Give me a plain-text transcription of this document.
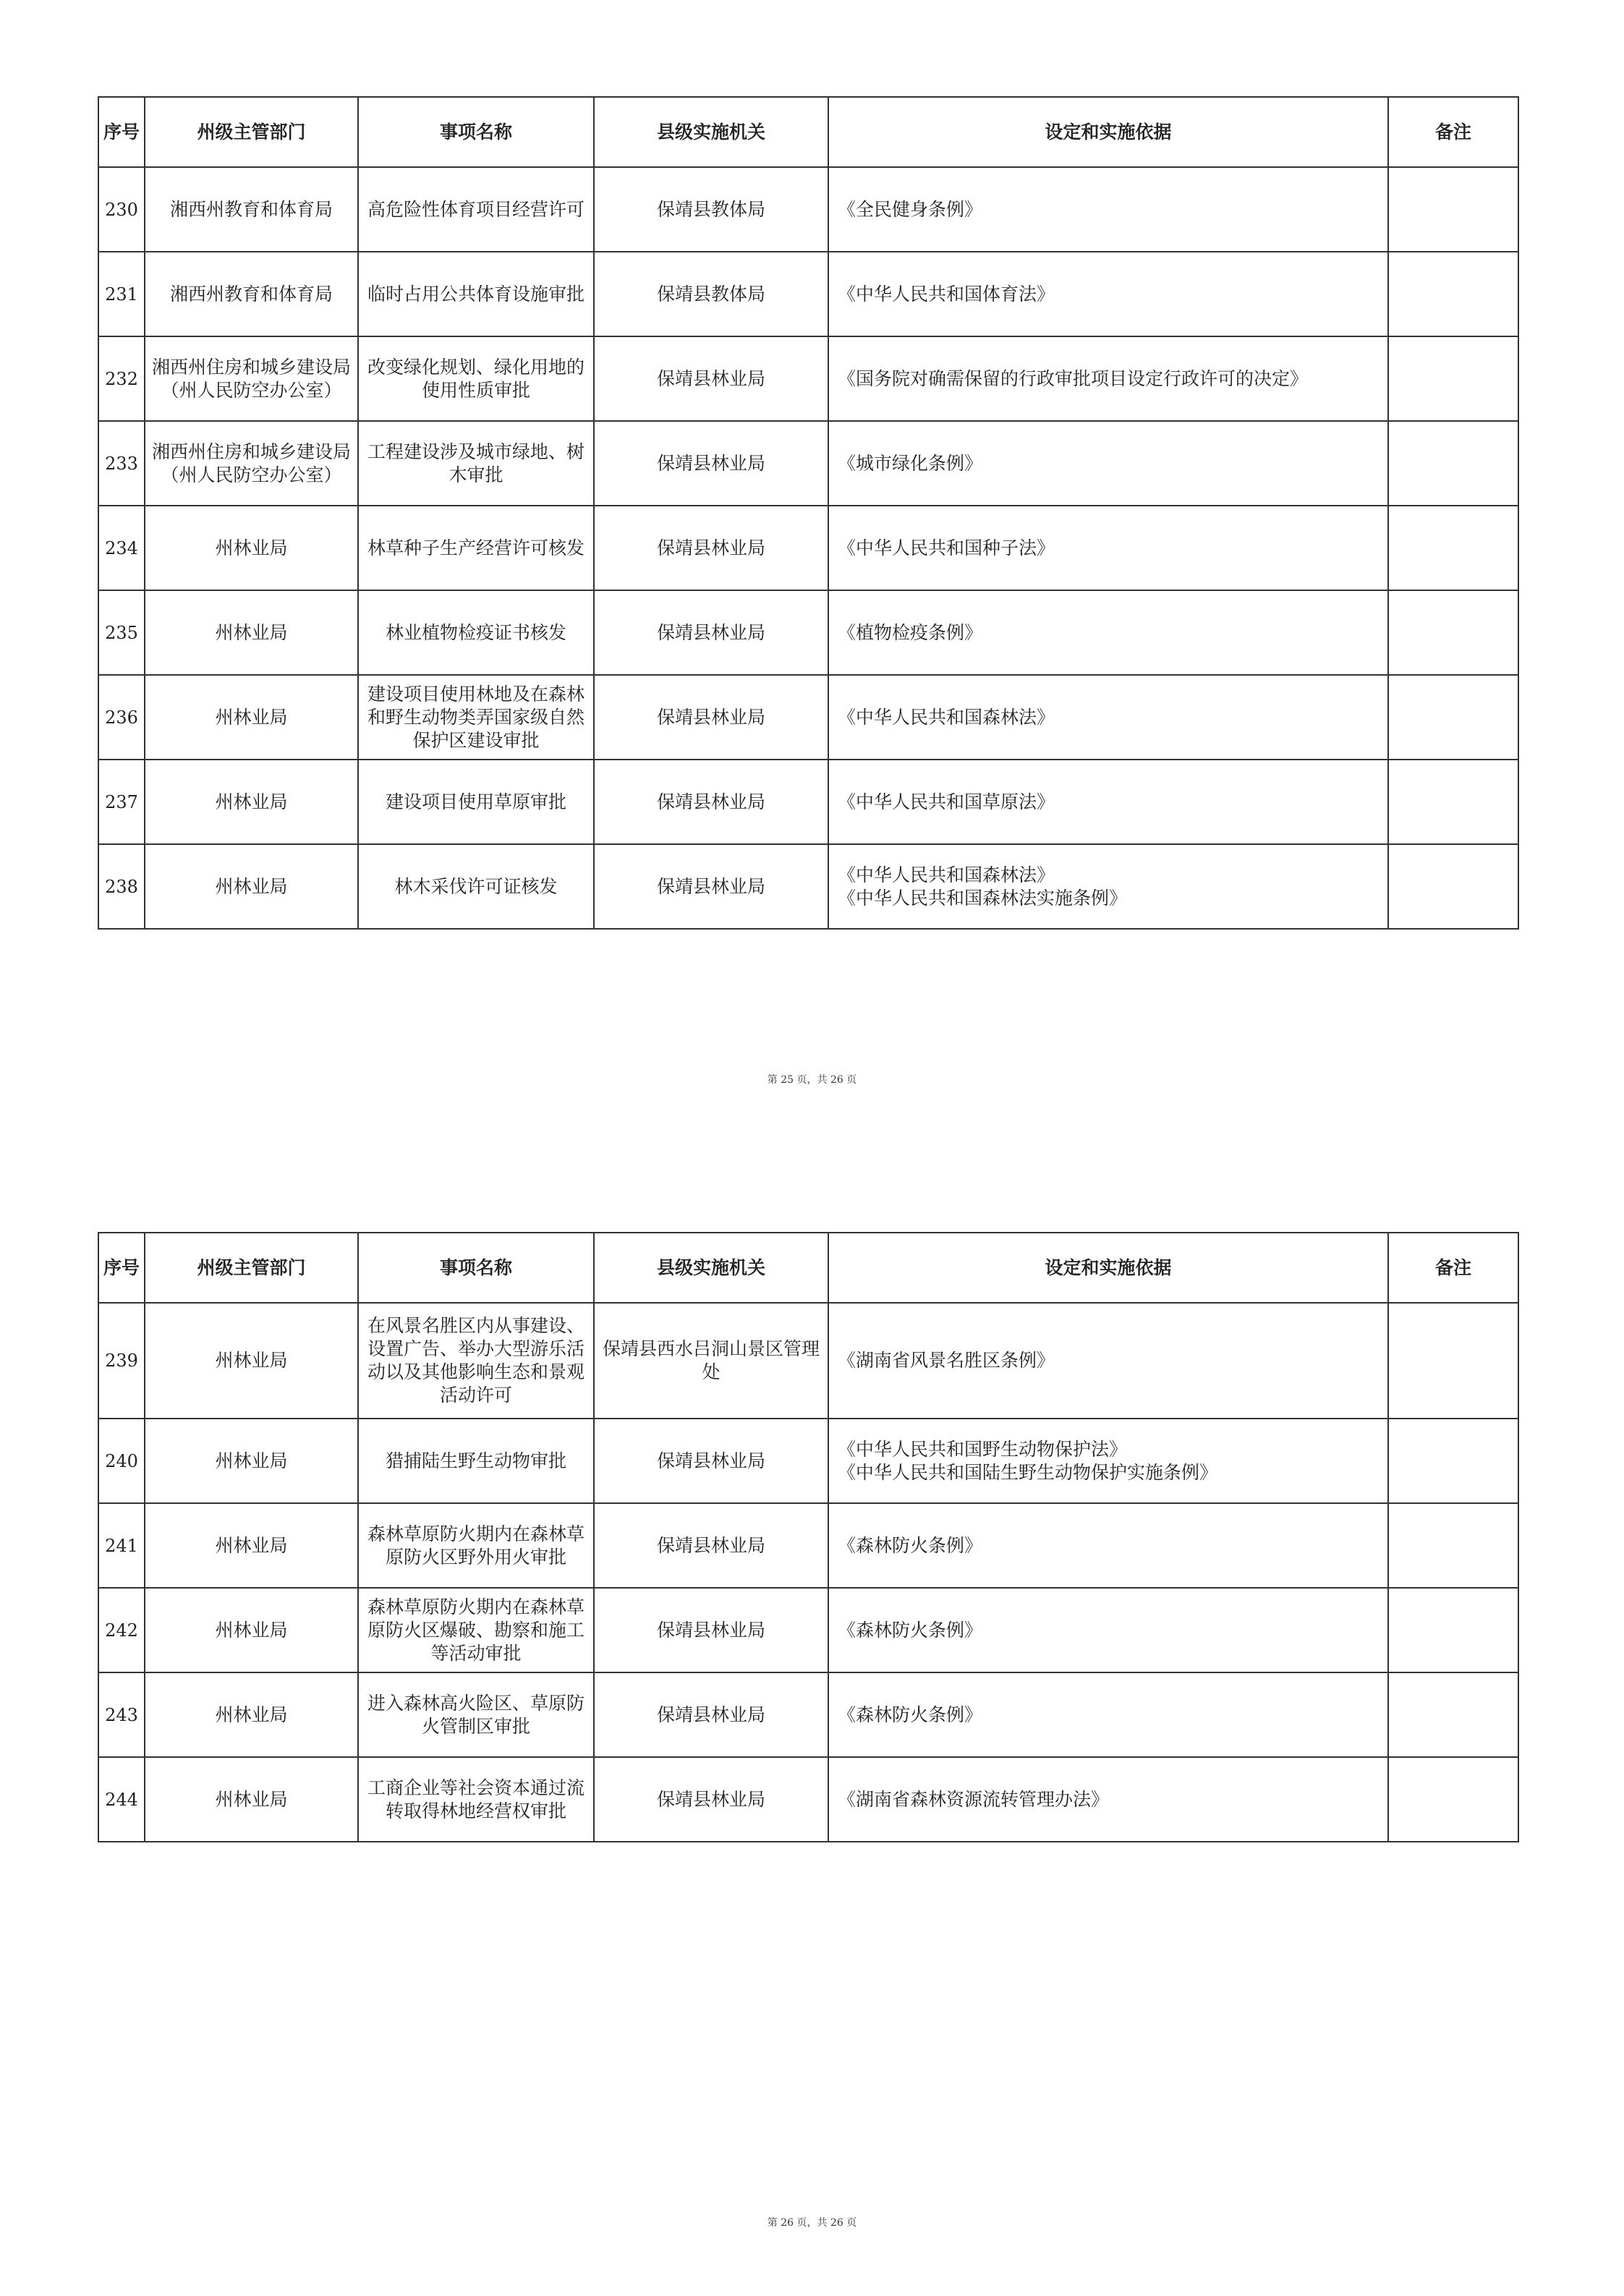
序号	州级主管部门	事项名称	县级实施机关	设定和实施依据	备注
230	湘西州教育和体育局	高危险性体育项目经营许可	保靖县教体局	《全民健身条例》	
231	湘西州教育和体育局	临时占用公共体育设施审批	保靖县教体局	《中华人民共和国体育法》	
232	湘西州住房和城乡建设局（州人民防空办公室）	改变绿化规划、绿化用地的使用性质审批	保靖县林业局	《国务院对确需保留的行政审批项目设定行政许可的决定》	
233	湘西州住房和城乡建设局（州人民防空办公室）	工程建设涉及城市绿地、树木审批	保靖县林业局	《城市绿化条例》	
234	州林业局	林草种子生产经营许可核发	保靖县林业局	《中华人民共和国种子法》	
235	州林业局	林业植物检疫证书核发	保靖县林业局	《植物检疫条例》	
236	州林业局	建设项目使用林地及在森林和野生动物类弄国家级自然保护区建设审批	保靖县林业局	《中华人民共和国森林法》	
237	州林业局	建设项目使用草原审批	保靖县林业局	《中华人民共和国草原法》	
238	州林业局	林木采伐许可证核发	保靖县林业局	《中华人民共和国森林法》
《中华人民共和国森林法实施条例》	
第 25 页，共 26 页
序号	州级主管部门	事项名称	县级实施机关	设定和实施依据	备注
239	州林业局	在风景名胜区内从事建设、设置广告、举办大型游乐活动以及其他影响生态和景观活动许可	保靖县西水吕洞山景区管理处	《湖南省风景名胜区条例》	
240	州林业局	猎捕陆生野生动物审批	保靖县林业局	《中华人民共和国野生动物保护法》
《中华人民共和国陆生野生动物保护实施条例》	
241	州林业局	森林草原防火期内在森林草原防火区野外用火审批	保靖县林业局	《森林防火条例》	
242	州林业局	森林草原防火期内在森林草原防火区爆破、勘察和施工等活动审批	保靖县林业局	《森林防火条例》	
243	州林业局	进入森林高火险区、草原防火管制区审批	保靖县林业局	《森林防火条例》	
244	州林业局	工商企业等社会资本通过流转取得林地经营权审批	保靖县林业局	《湖南省森林资源流转管理办法》	
第 26 页，共 26 页
